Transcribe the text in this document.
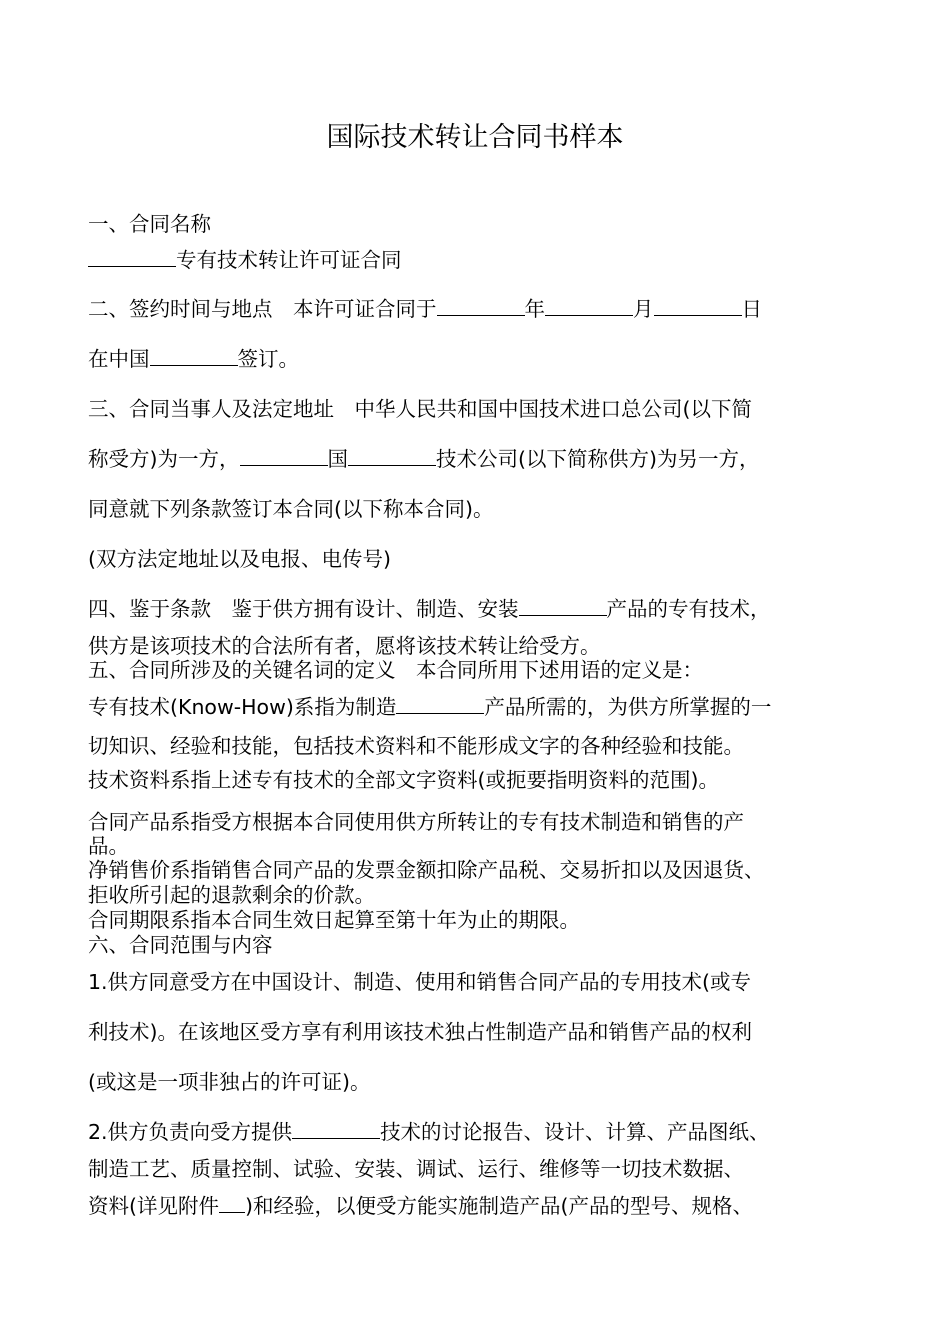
国际技术转让合同书样本
一、合同名称
专有技术转让许可证合同
二、签约时间与地点　本许可证合同于	年	月	日
在中国	签订。
三、合同当事人及法定地址　中华人民共和国中国技术进口总公司(以下简
称受方)为一方，	国	技术公司(以下简称供方)为另一方，
同意就下列条款签订本合同(以下称本合同)。
(双方法定地址以及电报、电传号)
四、鉴于条款　鉴于供方拥有设计、制造、安装	产品的专有技术，
供方是该项技术的合法所有者，愿将该技术转让给受方。
五、合同所涉及的关键名词的定义　本合同所用下述用语的定义是：
专有技术(Know-How)系指为制造	产品所需的，为供方所掌握的一
切知识、经验和技能，包括技术资料和不能形成文字的各种经验和技能。
技术资料系指上述专有技术的全部文字资料(或扼要指明资料的范围)。
合同产品系指受方根据本合同使用供方所转让的专有技术制造和销售的产
品。
净销售价系指销售合同产品的发票金额扣除产品税、交易折扣以及因退货、
拒收所引起的退款剩余的价款。
合同期限系指本合同生效日起算至第十年为止的期限。
六、合同范围与内容
1.供方同意受方在中国设计、制造、使用和销售合同产品的专用技术(或专
利技术)。在该地区受方享有利用该技术独占性制造产品和销售产品的权利
(或这是一项非独占的许可证)。
2.供方负责向受方提供	技术的讨论报告、设计、计算、产品图纸、
制造工艺、质量控制、试验、安装、调试、运行、维修等一切技术数据、
资料(详见附件 )和经验，以便受方能实施制造产品(产品的型号、规格、
